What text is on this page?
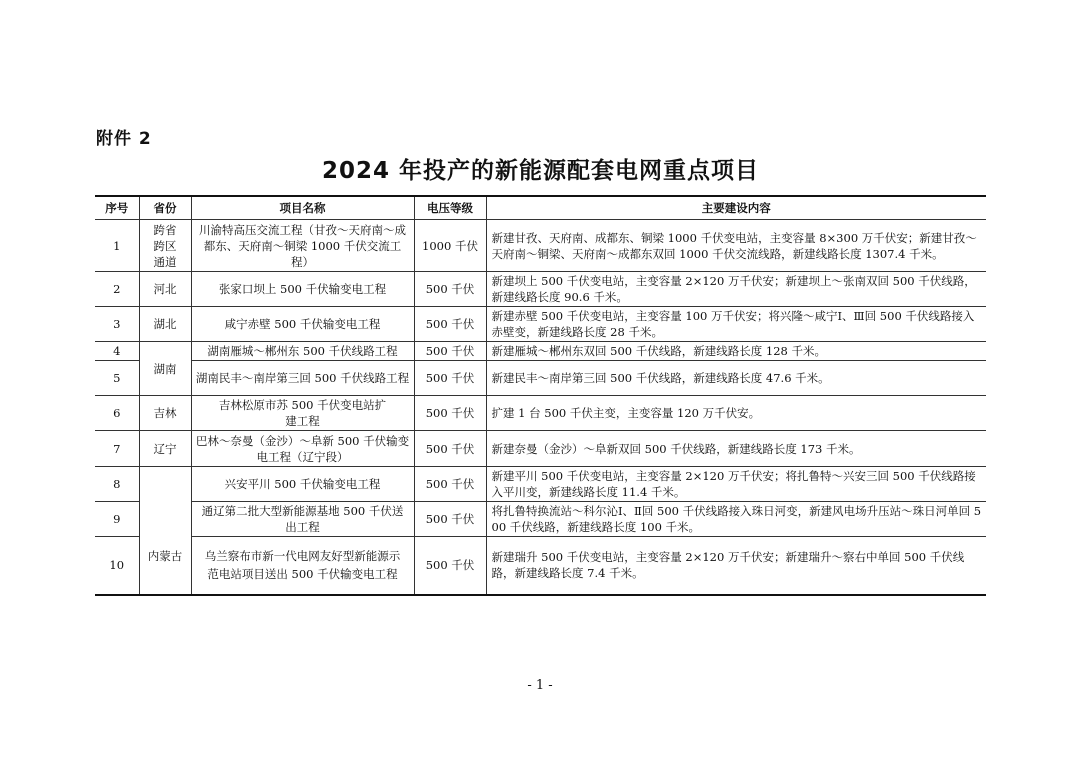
附件 2
2024 年投产的新能源配套电网重点项目
序号	省份	项目名称	电压等级	主要建设内容
1	跨省跨区通道	川渝特高压交流工程（甘孜～天府南～成都东、天府南～铜梁 1000 千伏交流工程）	1000 千伏	新建甘孜、天府南、成都东、铜梁 1000 千伏变电站，主变容量 8×300 万千伏安；新建甘孜～天府南～铜梁、天府南～成都东双回 1000 千伏交流线路，新建线路长度 1307.4 千米。
2	河北	张家口坝上 500 千伏输变电工程	500 千伏	新建坝上 500 千伏变电站，主变容量 2×120 万千伏安；新建坝上～张南双回 500 千伏线路，新建线路长度 90.6 千米。
3	湖北	咸宁赤壁 500 千伏输变电工程	500 千伏	新建赤壁 500 千伏变电站，主变容量 100 万千伏安；将兴隆～咸宁Ⅰ、Ⅲ回 500 千伏线路接入赤壁变，新建线路长度 28 千米。
4	湖南	湖南雁城～郴州东 500 千伏线路工程	500 千伏	新建雁城～郴州东双回 500 千伏线路，新建线路长度 128 千米。
5		湖南民丰～南岸第三回 500 千伏线路工程	500 千伏	新建民丰～南岸第三回 500 千伏线路，新建线路长度 47.6 千米。
6	吉林	吉林松原市苏 500 千伏变电站扩建工程	500 千伏	扩建 1 台 500 千伏主变，主变容量 120 万千伏安。
7	辽宁	巴林～奈曼（金沙）～阜新 500 千伏输变电工程（辽宁段）	500 千伏	新建奈曼（金沙）～阜新双回 500 千伏线路，新建线路长度 173 千米。
8	内蒙古	兴安平川 500 千伏输变电工程	500 千伏	新建平川 500 千伏变电站，主变容量 2×120 万千伏安；将扎鲁特～兴安三回 500 千伏线路接入平川变，新建线路长度 11.4 千米。
9		通辽第二批大型新能源基地 500 千伏送出工程	500 千伏	将扎鲁特换流站～科尔沁Ⅰ、Ⅱ回 500 千伏线路接入珠日河变，新建风电场升压站～珠日河单回 500 千伏线路，新建线路长度 100 千米。
10		乌兰察布市新一代电网友好型新能源示范电站项目送出 500 千伏输变电工程	500 千伏	新建瑞升 500 千伏变电站，主变容量 2×120 万千伏安；新建瑞升～察右中单回 500 千伏线路，新建线路长度 7.4 千米。
- 1 -
